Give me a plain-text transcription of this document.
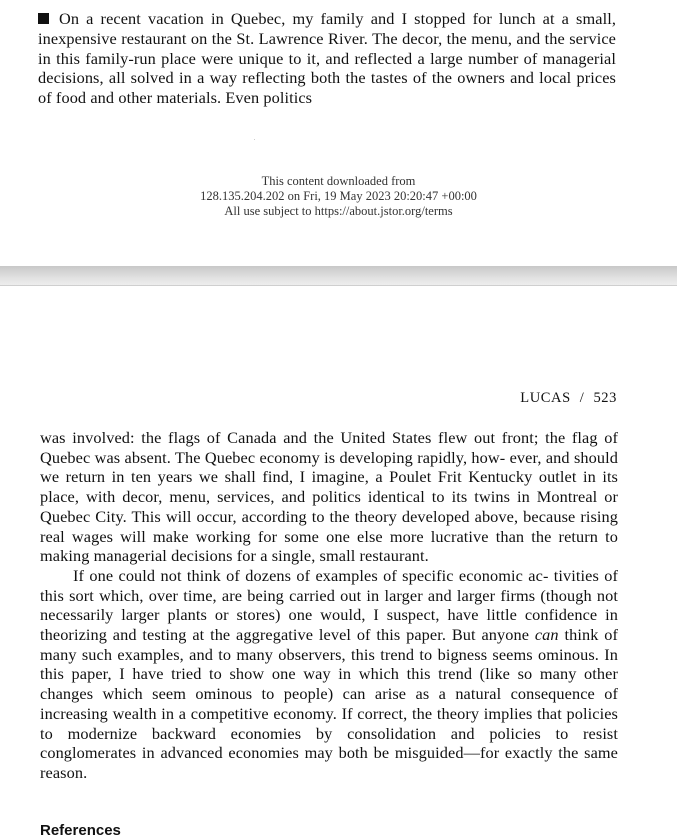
On a recent vacation in Quebec, my family and I stopped for lunch at a small, inexpensive restaurant on the St. Lawrence River. The decor, the menu, and the service in this family-run place were unique to it, and reflected a large number of managerial decisions, all solved in a way reflecting both the tastes of the owners and local prices of food and other materials. Even politics

This content downloaded from
128.135.204.202 on Fri, 19 May 2023 20:20:47 +00:00
All use subject to https://about.jstor.org/terms
LUCAS / 523

was involved: the flags of Canada and the United States flew out front; the flag of Quebec was absent. The Quebec economy is developing rapidly, how- ever, and should we return in ten years we shall find, I imagine, a Poulet Frit Kentucky outlet in its place, with decor, menu, services, and politics identical to its twins in Montreal or Quebec City. This will occur, according to the theory developed above, because rising real wages will make working for some one else more lucrative than the return to making managerial decisions for a single, small restaurant.

If one could not think of dozens of examples of specific economic ac- tivities of this sort which, over time, are being carried out in larger and larger firms (though not necessarily larger plants or stores) one would, I suspect, have little confidence in theorizing and testing at the aggregative level of this paper. But anyone can think of many such examples, and to many observers, this trend to bigness seems ominous. In this paper, I have tried to show one way in which this trend (like so many other changes which seem ominous to people) can arise as a natural consequence of increasing wealth in a competitive economy. If correct, the theory implies that policies to modernize backward economies by consolidation and policies to resist conglomerates in advanced economies may both be misguided—for exactly the same reason.

References
